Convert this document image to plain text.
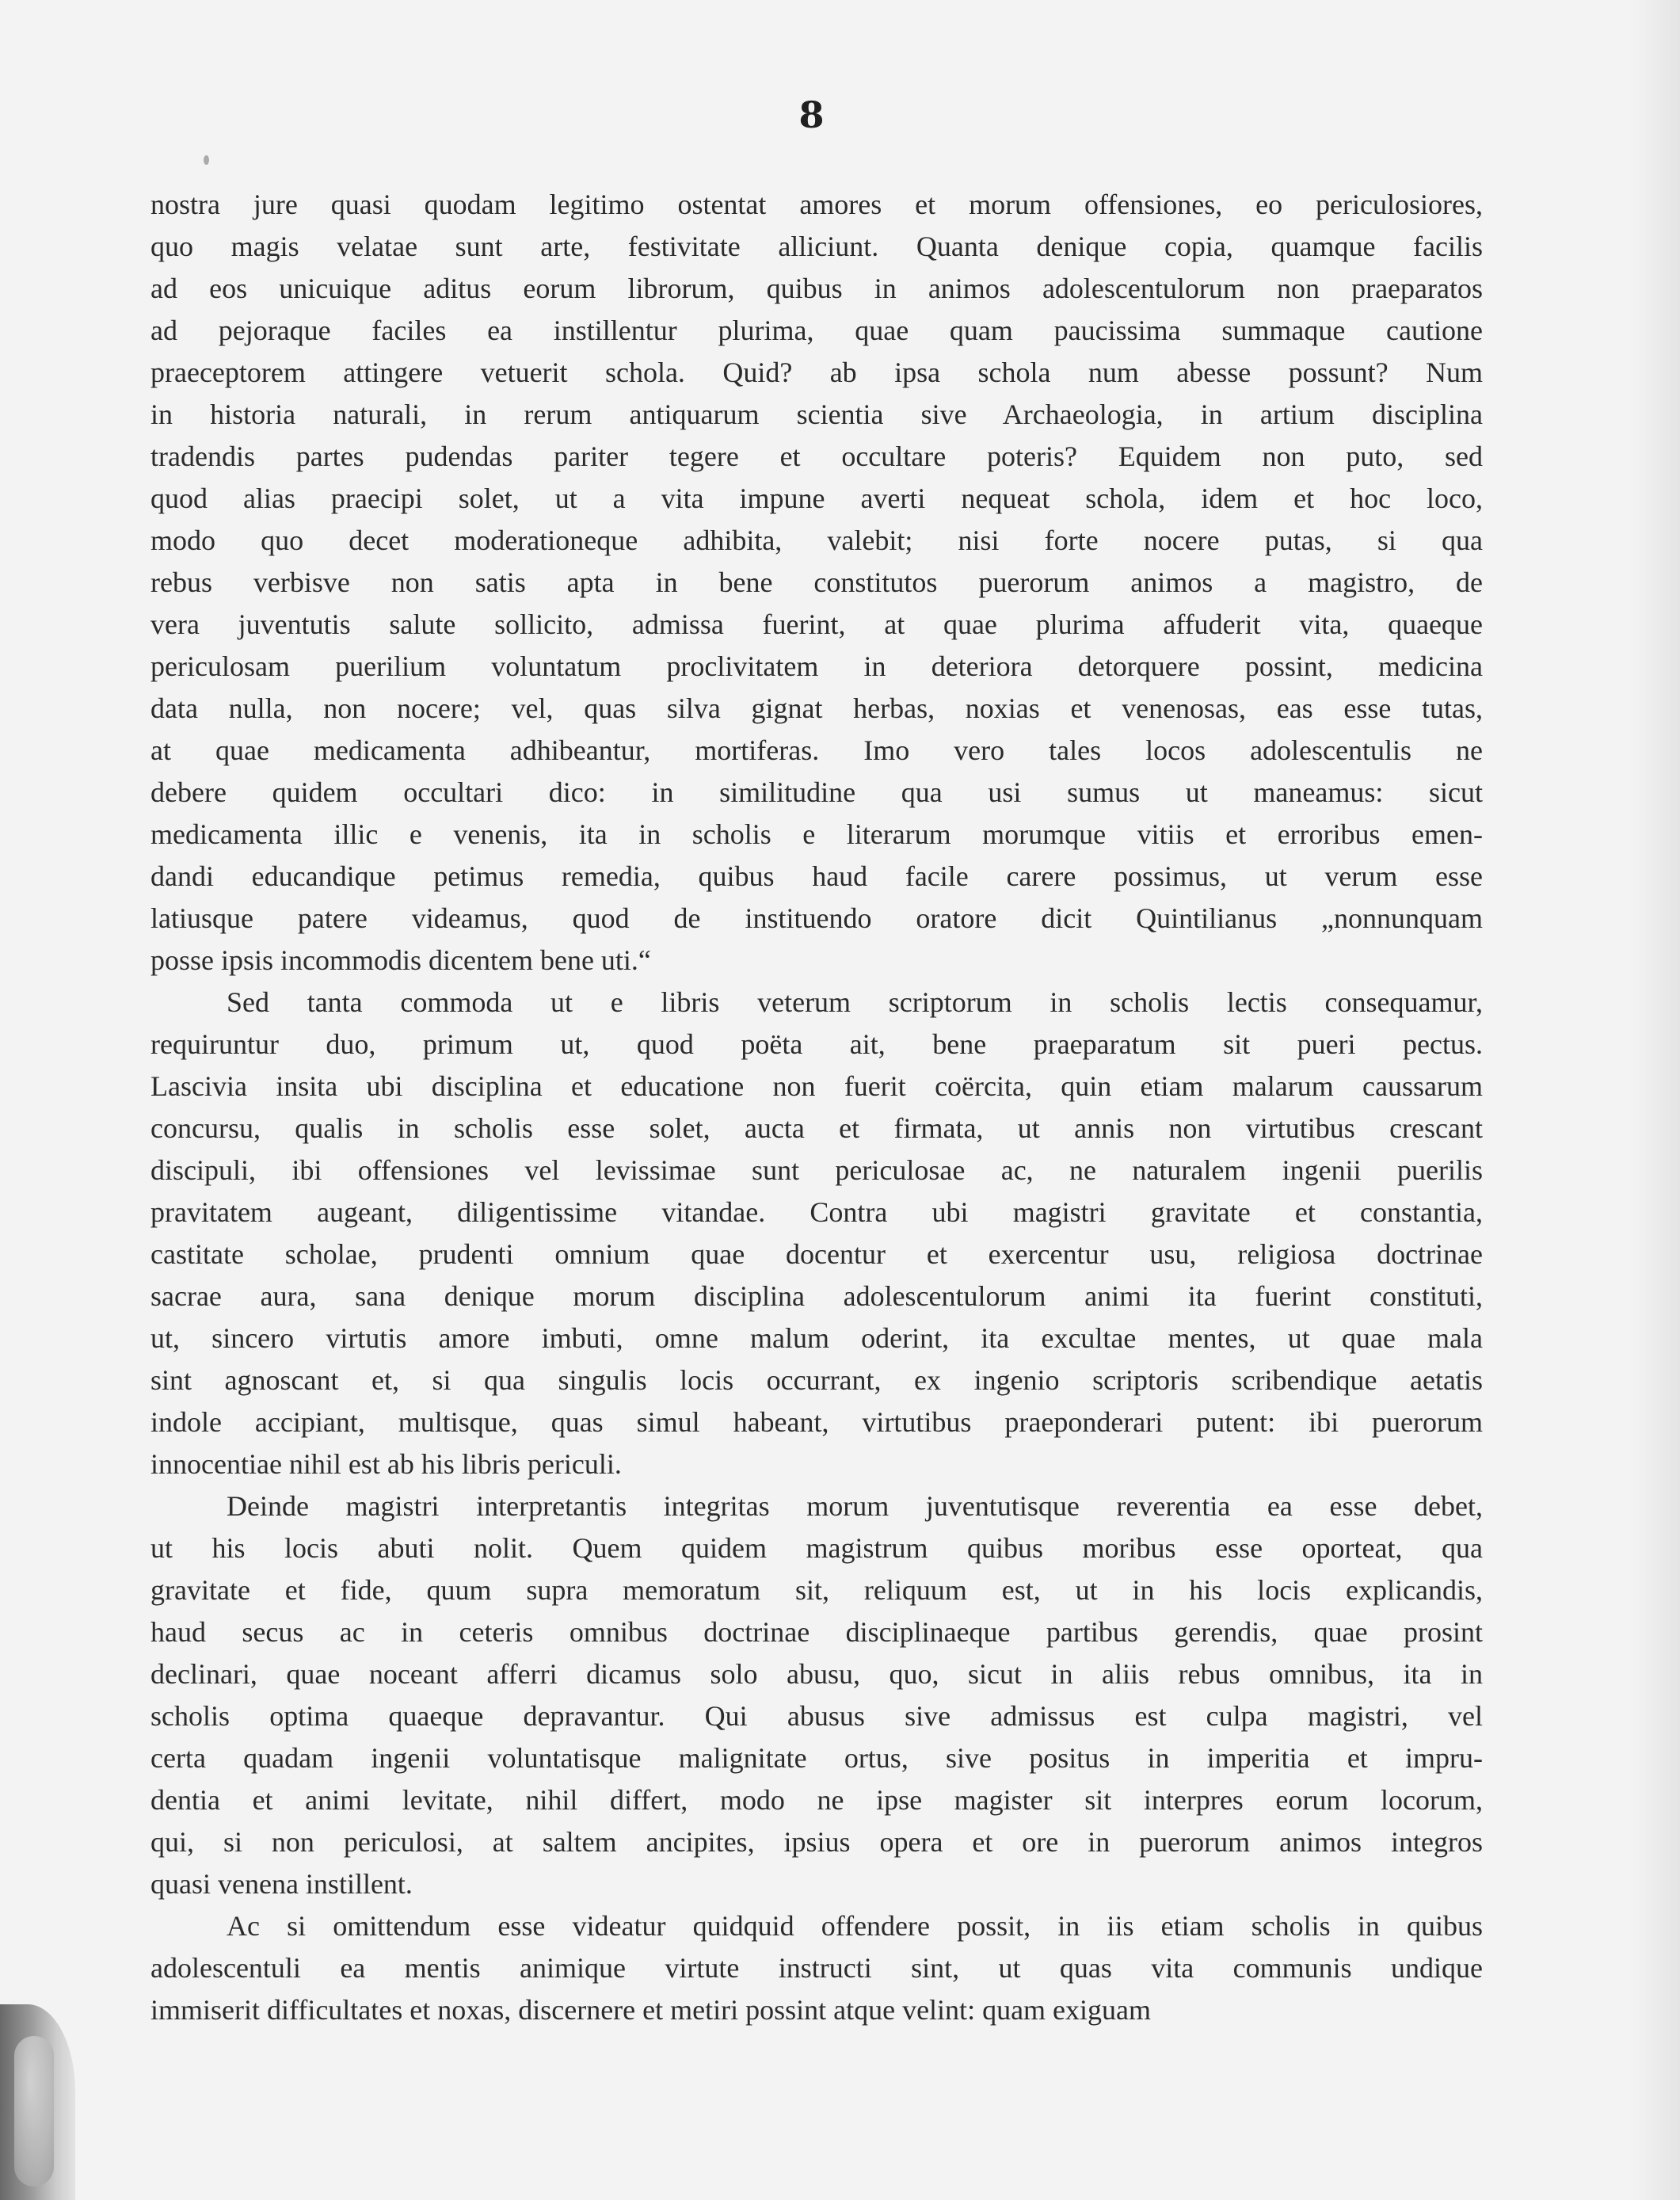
8
nostra jure quasi quodam legitimo ostentat amores et morum offensiones, eo periculosiores,
quo magis velatae sunt arte, festivitate alliciunt. Quanta denique copia, quamque facilis
ad eos unicuique aditus eorum librorum, quibus in animos adolescentulorum non praeparatos
ad pejoraque faciles ea instillentur plurima, quae quam paucissima summaque cautione
praeceptorem attingere vetuerit schola. Quid? ab ipsa schola num abesse possunt? Num
in historia naturali, in rerum antiquarum scientia sive Archaeologia, in artium disciplina
tradendis partes pudendas pariter tegere et occultare poteris? Equidem non puto, sed
quod alias praecipi solet, ut a vita impune averti nequeat schola, idem et hoc loco,
modo quo decet moderationeque adhibita, valebit; nisi forte nocere putas, si qua
rebus verbisve non satis apta in bene constitutos puerorum animos a magistro, de
vera juventutis salute sollicito, admissa fuerint, at quae plurima affuderit vita, quaeque
periculosam puerilium voluntatum proclivitatem in deteriora detorquere possint, medicina
data nulla, non nocere; vel, quas silva gignat herbas, noxias et venenosas, eas esse tutas,
at quae medicamenta adhibeantur, mortiferas. Imo vero tales locos adolescentulis ne
debere quidem occultari dico: in similitudine qua usi sumus ut maneamus: sicut
medicamenta illic e venenis, ita in scholis e literarum morumque vitiis et erroribus emen-
dandi educandique petimus remedia, quibus haud facile carere possimus, ut verum esse
latiusque patere videamus, quod de instituendo oratore dicit Quintilianus „nonnunquam
posse ipsis incommodis dicentem bene uti.“
Sed tanta commoda ut e libris veterum scriptorum in scholis lectis consequamur,
requiruntur duo, primum ut, quod poëta ait, bene praeparatum sit pueri pectus.
Lascivia insita ubi disciplina et educatione non fuerit coërcita, quin etiam malarum caussarum
concursu, qualis in scholis esse solet, aucta et firmata, ut annis non virtutibus crescant
discipuli, ibi offensiones vel levissimae sunt periculosae ac, ne naturalem ingenii puerilis
pravitatem augeant, diligentissime vitandae. Contra ubi magistri gravitate et constantia,
castitate scholae, prudenti omnium quae docentur et exercentur usu, religiosa doctrinae
sacrae aura, sana denique morum disciplina adolescentulorum animi ita fuerint constituti,
ut, sincero virtutis amore imbuti, omne malum oderint, ita excultae mentes, ut quae mala
sint agnoscant et, si qua singulis locis occurrant, ex ingenio scriptoris scribendique aetatis
indole accipiant, multisque, quas simul habeant, virtutibus praeponderari putent: ibi puerorum
innocentiae nihil est ab his libris periculi.
Deinde magistri interpretantis integritas morum juventutisque reverentia ea esse debet,
ut his locis abuti nolit. Quem quidem magistrum quibus moribus esse oporteat, qua
gravitate et fide, quum supra memoratum sit, reliquum est, ut in his locis explicandis,
haud secus ac in ceteris omnibus doctrinae disciplinaeque partibus gerendis, quae prosint
declinari, quae noceant afferri dicamus solo abusu, quo, sicut in aliis rebus omnibus, ita in
scholis optima quaeque depravantur. Qui abusus sive admissus est culpa magistri, vel
certa quadam ingenii voluntatisque malignitate ortus, sive positus in imperitia et impru-
dentia et animi levitate, nihil differt, modo ne ipse magister sit interpres eorum locorum,
qui, si non periculosi, at saltem ancipites, ipsius opera et ore in puerorum animos integros
quasi venena instillent.
Ac si omittendum esse videatur quidquid offendere possit, in iis etiam scholis in quibus
adolescentuli ea mentis animique virtute instructi sint, ut quas vita communis undique
immiserit difficultates et noxas, discernere et metiri possint atque velint: quam exiguam
